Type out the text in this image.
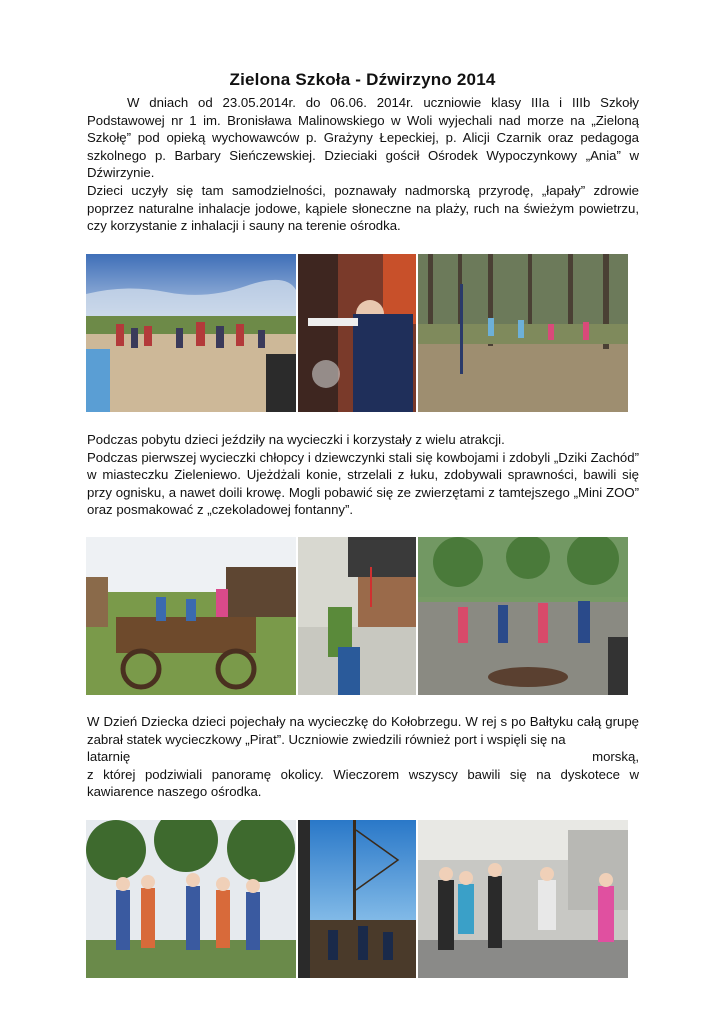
Zielona Szkoła - Dźwirzyno 2014

W dniach od 23.05.2014r. do 06.06. 2014r. uczniowie klasy IIIa i IIIb Szkoły Podstawowej nr 1 im. Bronisława Malinowskiego w Woli wyjechali nad morze na „Zieloną Szkołę” pod opieką wychowawców p. Grażyny Łepeckiej, p. Alicji Czarnik oraz pedagoga szkolnego p. Barbary Sieńczewskiej. Dzieciaki gościł Ośrodek Wypoczynkowy „Ania” w Dźwirzynie.

Dzieci uczyły się tam samodzielności, poznawały nadmorską przyrodę, „łapały” zdrowie poprzez naturalne inhalacje jodowe, kąpiele słoneczne na plaży, ruch na świeżym powietrzu, czy korzystanie z inhalacji i sauny na terenie ośrodka.

Podczas pobytu dzieci jeździły na wycieczki i korzystały z wielu atrakcji.

Podczas pierwszej wycieczki chłopcy i dziewczynki stali się kowbojami i zdobyli „Dziki Zachód” w miasteczku Zieleniewo. Ujeżdżali konie, strzelali z łuku, zdobywali sprawności, bawili się przy ognisku, a nawet doili krowę. Mogli pobawić się ze zwierzętami z tamtejszego „Mini ZOO” oraz posmakować z „czekoladowej fontanny”.

W Dzień Dziecka dzieci pojechały na wycieczkę do Kołobrzegu. W rej s po Bałtyku całą grupę zabrał statek wycieczkowy „Pirat”. Uczniowie zwiedzili również port i wspięli się na

latarnię	morską,

z której podziwiali panoramę okolicy. Wieczorem wszyscy bawili się na dyskotece w kawiarence naszego ośrodka.
